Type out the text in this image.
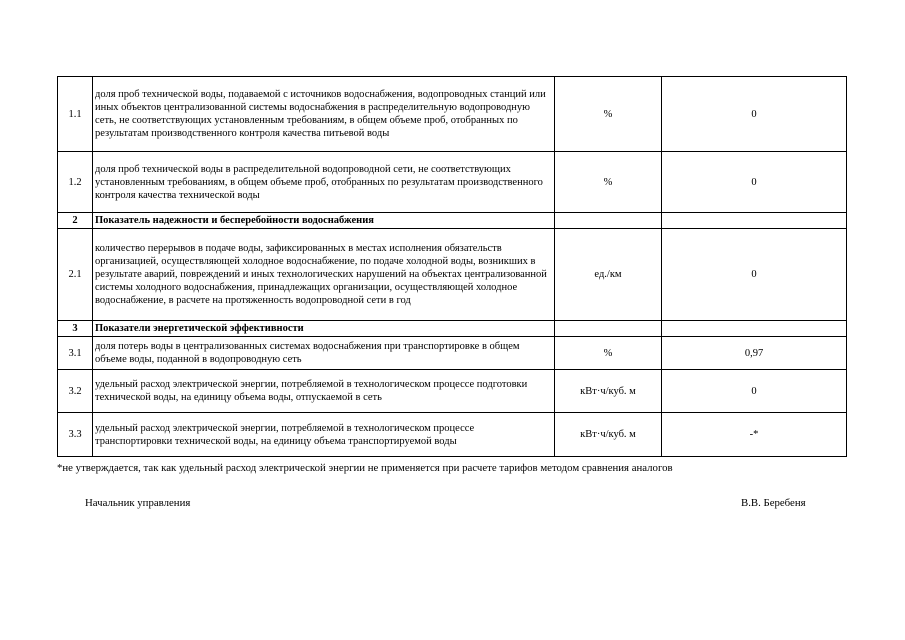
1.1	доля проб технической воды, подаваемой с источников водоснабжения, водопроводных станций или иных объектов централизованной системы водоснабжения в распределительную водопроводную сеть, не соответствующих установленным требованиям, в общем объеме проб, отобранных по результатам производственного контроля качества питьевой воды	%	0
1.2	доля проб технической воды в распределительной водопроводной сети, не соответствующих установленным требованиям, в общем объеме проб, отобранных по результатам производственного контроля качества технической воды	%	0
2	Показатель надежности и бесперебойности водоснабжения		
2.1	количество перерывов в подаче воды, зафиксированных в местах исполнения обязательств организацией, осуществляющей холодное водоснабжение, по подаче холодной воды, возникших в результате аварий, повреждений и иных технологических нарушений на объектах централизованной системы холодного водоснабжения, принадлежащих организации, осуществляющей холодное водоснабжение, в расчете на протяженность водопроводной сети в год	ед./км	0
3	Показатели энергетической эффективности		
3.1	доля потерь воды в централизованных системах водоснабжения при транспортировке в общем объеме воды, поданной в водопроводную сеть	%	0,97
3.2	удельный расход электрической энергии, потребляемой в технологическом процессе подготовки технической воды, на единицу объема воды, отпускаемой в сеть	кВт·ч/куб. м	0
3.3	удельный расход электрической энергии, потребляемой в технологическом процессе транспортировки технической воды, на единицу объема транспортируемой воды	кВт·ч/куб. м	-*
*не утверждается, так как удельный расход электрической энергии не применяется при расчете тарифов методом сравнения аналогов
Начальник управления	В.В. Беребеня
